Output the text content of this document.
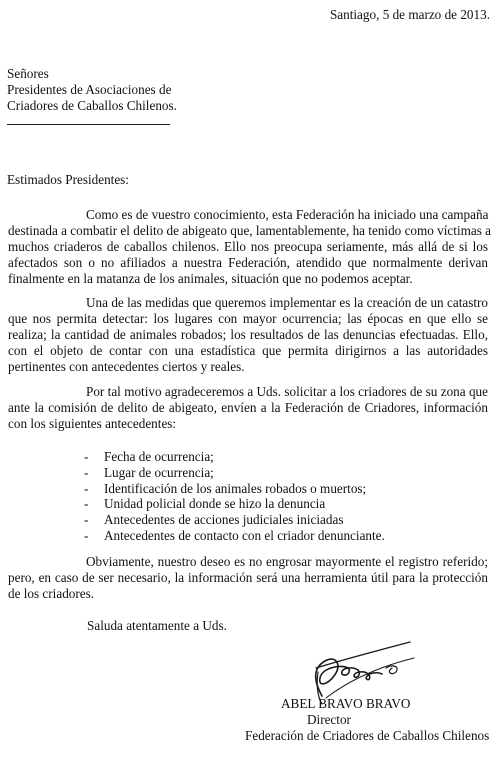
Santiago, 5 de marzo de 2013.
Señores
Presidentes de Asociaciones de
Criadores de Caballos Chilenos.
Estimados Presidentes:
Como es de vuestro conocimiento, esta Federación ha iniciado una campaña
destinada a combatir el delito de abigeato que, lamentablemente, ha tenido como víctimas a
muchos criaderos de caballos chilenos. Ello nos preocupa seriamente, más allá de si los
afectados son o no afiliados a nuestra Federación, atendido que normalmente derivan
finalmente en la matanza de los animales, situación que no podemos aceptar.
Una de las medidas que queremos implementar es la creación de un catastro
que nos permita detectar: los lugares con mayor ocurrencia; las épocas en que ello se
realiza; la cantidad de animales robados; los resultados de las denuncias efectuadas. Ello,
con el objeto de contar con una estadística que permita dirigirnos a las autoridades
pertinentes con antecedentes ciertos y reales.
Por tal motivo agradeceremos a Uds. solicitar a los criadores de su zona que
ante la comisión de delito de abigeato, envíen a la Federación de Criadores, información
con los siguientes antecedentes:
- Fecha de ocurrencia;
- Lugar de ocurrencia;
- Identificación de los animales robados o muertos;
- Unidad policial donde se hizo la denuncia
- Antecedentes de acciones judiciales iniciadas
- Antecedentes de contacto con el criador denunciante.
Obviamente, nuestro deseo es no engrosar mayormente el registro referido;
pero, en caso de ser necesario, la información será una herramienta útil para la protección
de los criadores.
Saluda atentamente a Uds.
ABEL BRAVO BRAVO
Director
Federación de Criadores de Caballos Chilenos
